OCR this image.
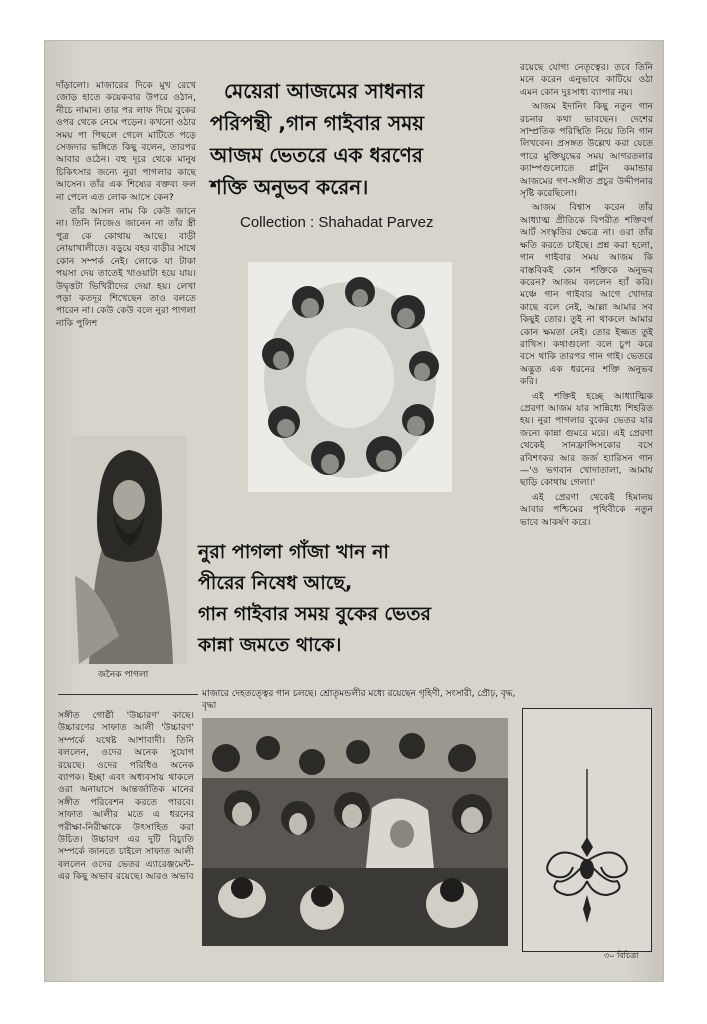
দাঁড়ালো। মাজারের দিকে মুখ রেখে জোড় হাতে কয়েকবার উপরে ওঠান, নীচে নামান। তার পর লাফ দিয়ে বুকের ওপর থেকে নেমে পড়েন। কখনো ওঠার সময় পা পিছলে গেলে মাটিতে পড়ে সেজদার ভঙ্গিতে কিছু বলেন, তারপর আবার ওঠেন। বহু দূরে থেকে মানুষ চিকিৎসার জন্যে নুরা পাগলার কাছে আসেন। তাঁর এক শিষ্যের বক্তব্য ফল না পেলে এত লোক আসে কেন?

তাঁর আসল নাম কি কেউ জানে না। তিনি নিজেও জানেন না তাঁর স্ত্রী পুত্র কে কোথায় আছে। বাড়ী নোয়াখালীতে। বড়ুয়ে বহর বাড়ীর সাথে কোন সম্পর্ক নেই। লোকে যা টাকা পয়সা দেয় তাতেই খাওয়াটা হয়ে যায়। উদ্বৃত্তটা ভিখিরীদের দেয়া হয়। লেখা পড়া কতদূর শিখেছেন তাও বলতে পারেন না। কেউ কেউ বলে নুরা পাগলা নাকি পুলিশ

মেয়েরা আজমের সাধনার
পরিপন্থী ,গান গাইবার সময়
আজম ভেতরে এক ধরণের
শক্তি অনুভব করেন।
Collection : Shahadat Parvez

রয়েছে যোগ্য নেতৃত্বের। তবে তিনি মনে করেন এনুভাবে কাটিয়ে ওঠা এমন কোন দুঃসাধ্য ব্যাপার নয়।

আজম ইদানিং কিছু নতুন গান রচনার কথা ভাবছেন। দেশের সাম্প্রতিক পরিস্থিতি নিয়ে তিনি গান লিখবেন। প্রসঙ্গত উল্লেখ করা যেতে পারে মুক্তিযুদ্ধের সময় আগরতলার ক্যাম্পগুলোতে প্লাটুন কমান্ডার আজমের গণ-সঙ্গীত প্রচুর উদ্দীপনার সৃষ্টি করেছিলো।

আজম বিশ্বাস করেন তাঁর আধ্যাত্ম প্রীতিকে বিপরীত শক্তিবর্গ আর্ট সংস্কৃতির ক্ষেত্রে না। ওরা তাঁর ক্ষতি করতে চাইছে। প্রশ্ন করা হলো, গান গাইবার সময় আজম কি বাস্তবিকই কোন শক্তিকে অনুভব করেন? আজম বললেন হ্যাঁ করি। মঞ্চে গান গাইবার আগে খোদার কাছে বলে নেই, আল্লা আমার সব কিছুই তোর। তুই না থাকলে আমার কোন ক্ষমতা নেই। তোর ইজ্জত তুই রাখিস। কথাগুলো বলে চুপ করে বসে থাকি তারপর গান গাই। ভেতরে অদ্ভুত এক ধরনের শক্তি অনুভব করি।

এই শক্তিই হচ্ছে আধ্যাত্মিক প্রেরণা আজম যার সান্নিধ্যে শিহরিত হয়। নুরা পাগলার বুকের ভেতর যার জন্যে কান্না গুমরে মরে। এই প্রেরণা থেকেই সানফ্রান্সিসকোর বসে রবিশংকর আর জর্জ হ্যারিসন গান—'ও ভগবান খোদাতালা, আমায় ছাড়ি কোথায় গেলা।'

এই প্রেরণা থেকেই হিমালয় আবার পশ্চিমের পৃথিবীকে নতুন ভাবে আকর্ষণ করে।

জনৈক পাগলা
নুরা পাগলা গাঁজা খান না
পীরের নিষেধ আছে,
গান গাইবার সময় বুকের ভেতর
কান্না জমতে থাকে।
মাজারে দেহতত্ত্বের গান চলছে। শ্রোতৃমন্ডলীর মধ্যে রয়েছেন গৃহিণী, সংসারী, প্রৌঢ়, বৃদ্ধ, বৃদ্ধা

সঙ্গীত গোষ্ঠী 'উচ্চারণ' কাছে। উচ্চারণের সাফাত আলী 'উচ্চারণ' সম্পর্কে যথেষ্ট আশাবাদী। তিনি বললেন, ওদের অনেক সুযোগ রয়েছে। ওদের পরিধিও অনেক ব্যাপক। ইচ্ছা এবং অধ্যবসায় থাকলে ওরা অনায়াসে আন্তর্জাতিক মানের সঙ্গীত পরিবেশন করতে পারবে। সাফাত আলীর মতে এ ধরনের পরীক্ষা-নিরীক্ষাকে উৎসাহিত করা উচিত। উচ্চারণ এর দুটি বিচ্যুতি সম্পর্কে জানতে চাইলে সাফাত আলী বললেন ওদের ভেতর এ্যারেঞ্জমেন্ট-এর কিছু অভাব রয়েছে। আরও অভাব

৩০ বিচিত্রা
